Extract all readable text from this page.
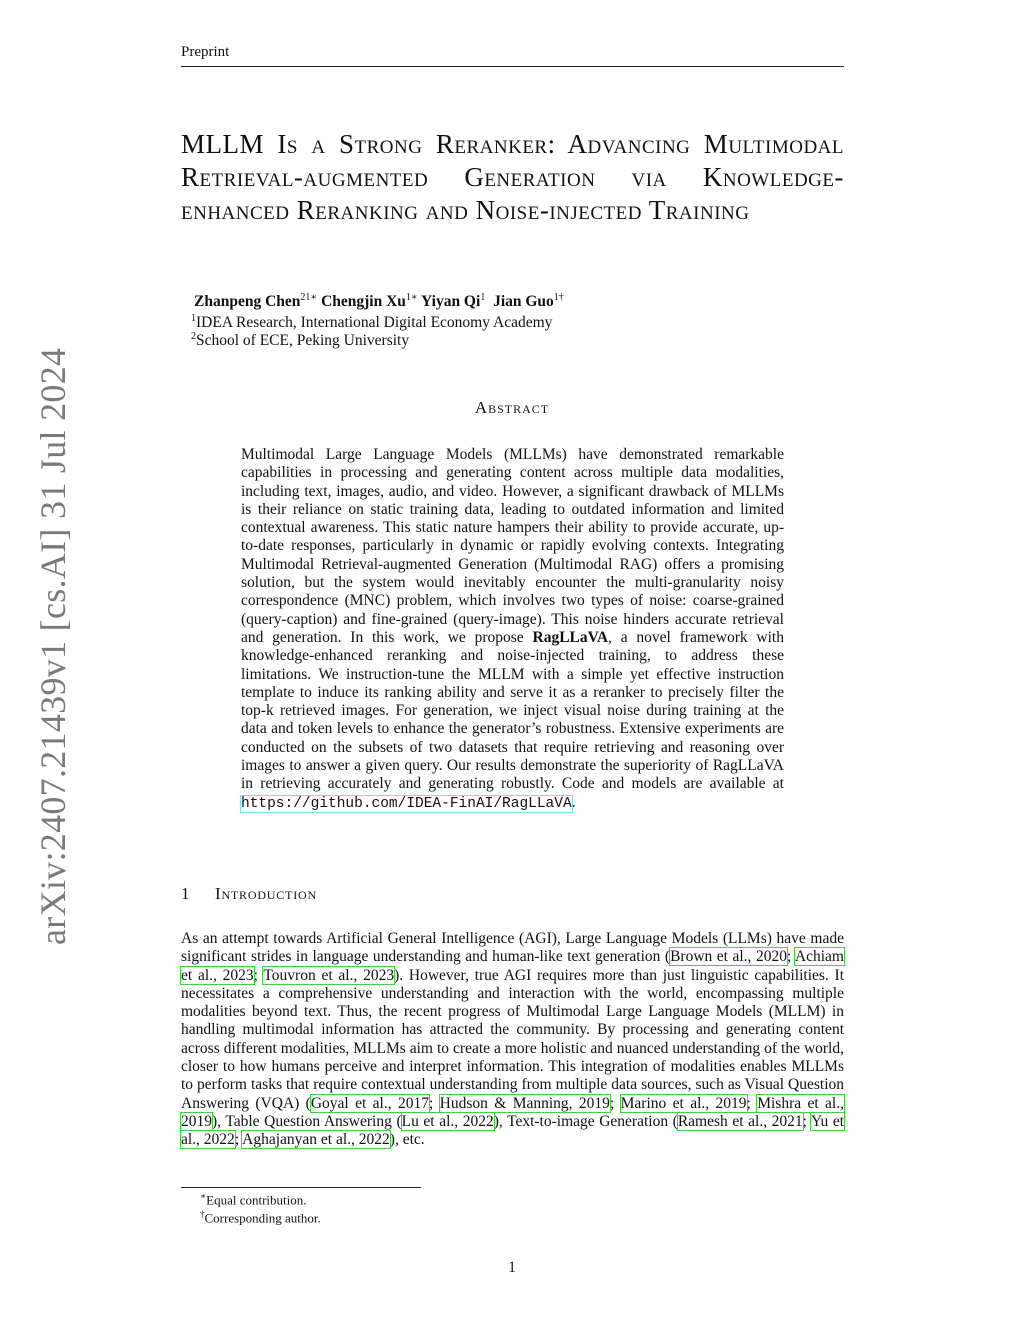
Preprint
arXiv:2407.21439v1 [cs.AI] 31 Jul 2024
MLLM Is a Strong Reranker: Advancing Multimodal Retrieval-augmented Generation via Knowledge-enhanced Reranking and Noise-injected Training
Zhanpeng Chen$^{21∗}$ Chengjin $Xu^{1∗}$ Yiyan Qi$^1$ Jian Guo$^{1\dagger}$
$^1$IDEA Research, International Digital Economy Academy
$^2$School of ECE, Peking University
Abstract

Multimodal Large Language Models (MLLMs) have demonstrated remarkable capabilities in processing and generating content across multiple data modalities, including text, images, audio, and video. However, a significant drawback of MLLMs is their reliance on static training data, leading to outdated information and limited contextual awareness. This static nature hampers their ability to provide accurate, up-to-date responses, particularly in dynamic or rapidly evolving contexts. Integrating Multimodal Retrieval-augmented Generation (Multimodal RAG) offers a promising solution, but the system would inevitably encounter the multi-granularity noisy correspondence (MNC) problem, which involves two types of noise: coarse-grained (query-caption) and fine-grained (query-image). This noise hinders accurate retrieval and generation. In this work, we propose RagLLaVA, a novel framework with knowledge-enhanced reranking and noise-injected training, to address these limitations. We instruction-tune the MLLM with a simple yet effective instruction template to induce its ranking ability and serve it as a reranker to precisely filter the top-k retrieved images. For generation, we inject visual noise during training at the data and token levels to enhance the generator’s robustness. Extensive experiments are conducted on the subsets of two datasets that require retrieving and reasoning over images to answer a given query. Our results demonstrate the superiority of RagLLaVA in retrieving accurately and generating robustly. Code and models are available at https://github.com/IDEA-FinAI/RagLLaVA.

1 Introduction

As an attempt towards Artificial General Intelligence (AGI), Large Language Models (LLMs) have made significant strides in language understanding and human-like text generation (Brown et al., 2020; Achiam et al., 2023; Touvron et al., 2023). However, true AGI requires more than just linguistic capabilities. It necessitates a comprehensive understanding and interaction with the world, encompassing multiple modalities beyond text. Thus, the recent progress of Multimodal Large Language Models (MLLM) in handling multimodal information has attracted the community. By processing and generating content across different modalities, MLLMs aim to create a more holistic and nuanced understanding of the world, closer to how humans perceive and interpret information. This integration of modalities enables MLLMs to perform tasks that require contextual understanding from multiple data sources, such as Visual Question Answering (VQA) (Goyal et al., 2017; Hudson & Manning, 2019; Marino et al., 2019; Mishra et al., 2019), Table Question Answering (Lu et al., 2022), Text-to-image Generation (Ramesh et al., 2021; Yu et al., 2022; Aghajanyan et al., 2022), etc.

∗Equal contribution.
†Corresponding author.
1
